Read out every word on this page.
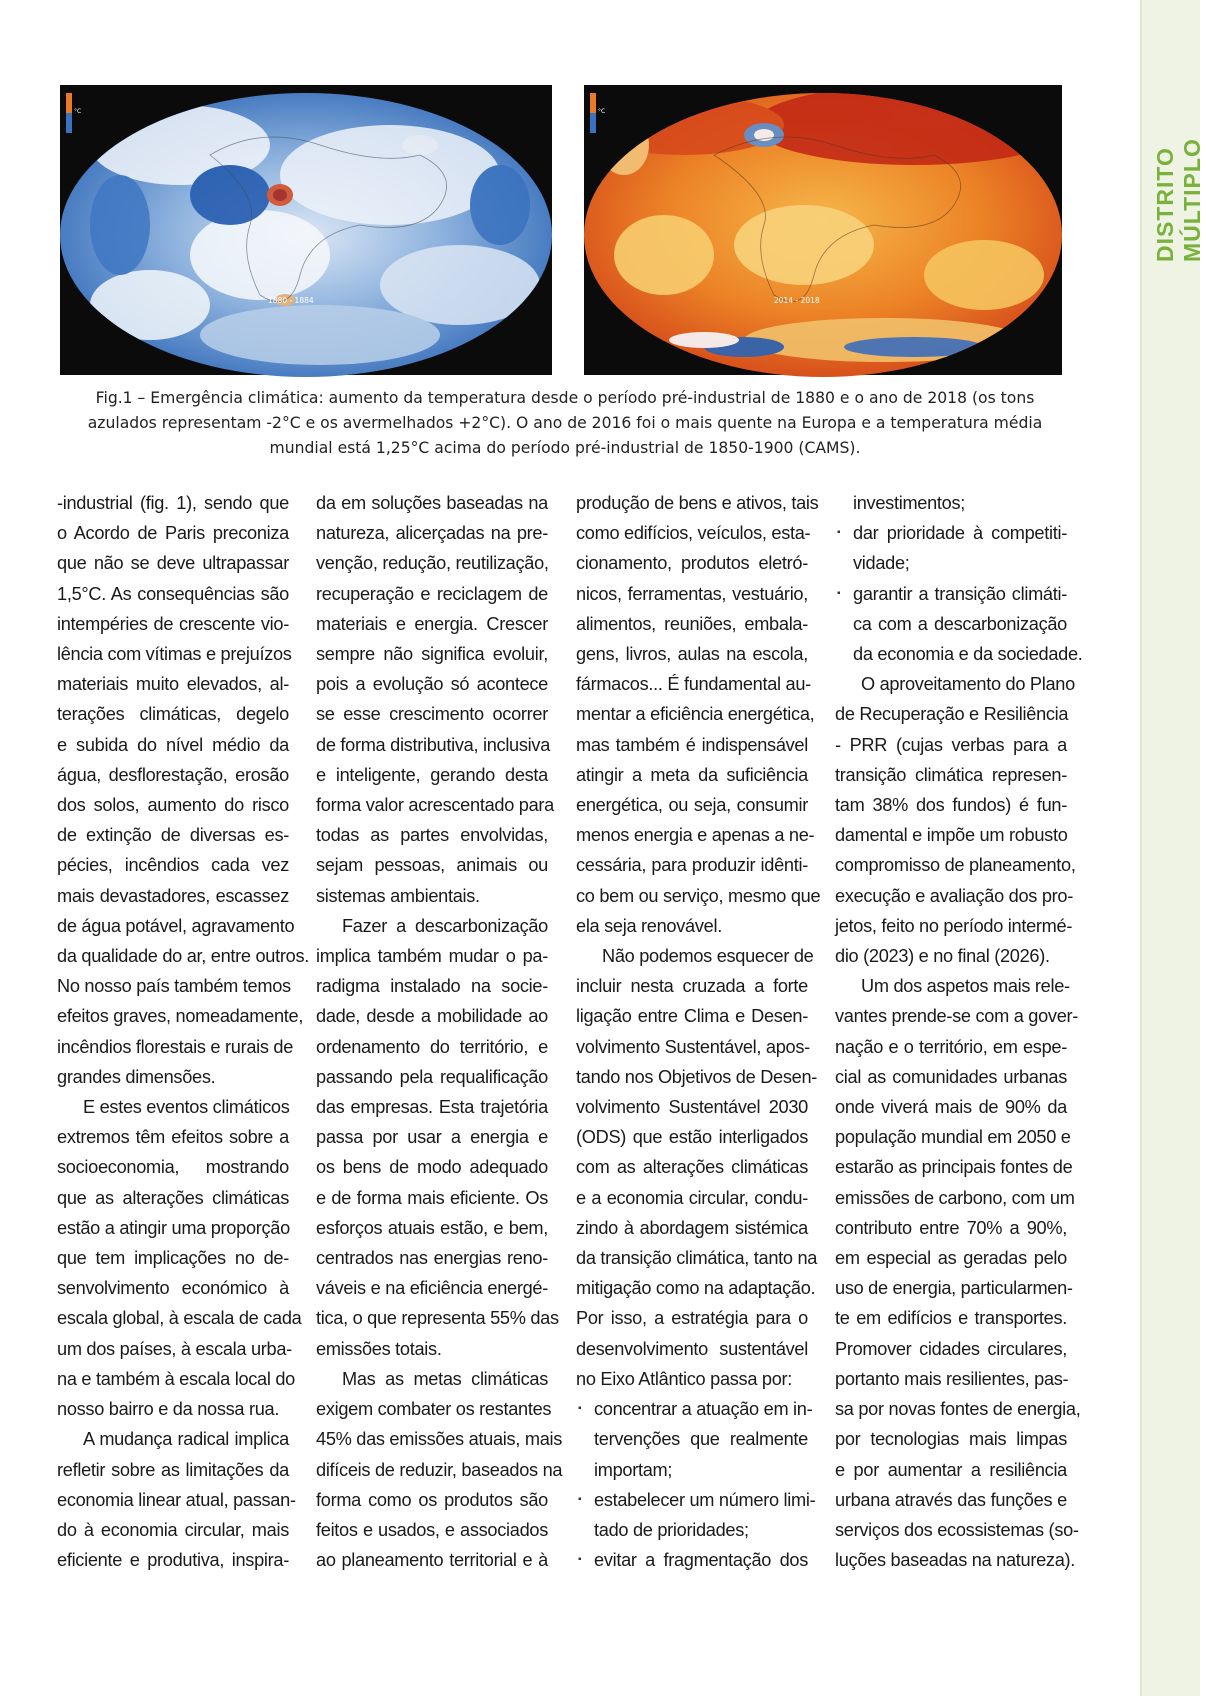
DISTRITO MÚLTIPLO
°C
1880 - 1884
°C
2014 - 2018

Fig.1 – Emergência climática: aumento da temperatura desde o período pré-industrial de 1880 e o ano de 2018 (os tons

azulados representam -2°C e os avermelhados +2°C). O ano de 2016 foi o mais quente na Europa e a temperatura média

mundial está 1,25°C acima do período pré-industrial de 1850-1900 (CAMS).

-industrial (fig. 1), sendo que
o Acordo de Paris preconiza
que não se deve ultrapassar
1,5°C. As consequências são
intempéries de crescente vio-
lência com vítimas e prejuízos
materiais muito elevados, al-
terações climáticas, degelo
e subida do nível médio da
água, desflorestação, erosão
dos solos, aumento do risco
de extinção de diversas es-
pécies, incêndios cada vez
mais devastadores, escassez
de água potável, agravamento
da qualidade do ar, entre outros.
No nosso país também temos
efeitos graves, nomeadamente,
incêndios florestais e rurais de
grandes dimensões.

E estes eventos climáticos
extremos têm efeitos sobre a
socioeconomia, mostrando
que as alterações climáticas
estão a atingir uma proporção
que tem implicações no de-
senvolvimento económico à
escala global, à escala de cada
um dos países, à escala urba-
na e também à escala local do
nosso bairro e da nossa rua.

A mudança radical implica
refletir sobre as limitações da
economia linear atual, passan-
do à economia circular, mais
eficiente e produtiva, inspira-

da em soluções baseadas na
natureza, alicerçadas na pre-
venção, redução, reutilização,
recuperação e reciclagem de
materiais e energia. Crescer
sempre não significa evoluir,
pois a evolução só acontece
se esse crescimento ocorrer
de forma distributiva, inclusiva
e inteligente, gerando desta
forma valor acrescentado para
todas as partes envolvidas,
sejam pessoas, animais ou
sistemas ambientais.

Fazer a descarbonização
implica também mudar o pa-
radigma instalado na socie-
dade, desde a mobilidade ao
ordenamento do território, e
passando pela requalificação
das empresas. Esta trajetória
passa por usar a energia e
os bens de modo adequado
e de forma mais eficiente. Os
esforços atuais estão, e bem,
centrados nas energias reno-
váveis e na eficiência energé-
tica, o que representa 55% das
emissões totais.

Mas as metas climáticas
exigem combater os restantes
45% das emissões atuais, mais
difíceis de reduzir, baseados na
forma como os produtos são
feitos e usados, e associados
ao planeamento territorial e à

produção de bens e ativos, tais
como edifícios, veículos, esta-
cionamento, produtos eletró-
nicos, ferramentas, vestuário,
alimentos, reuniões, embala-
gens, livros, aulas na escola,
fármacos... É fundamental au-
mentar a eficiência energética,
mas também é indispensável
atingir a meta da suficiência
energética, ou seja, consumir
menos energia e apenas a ne-
cessária, para produzir idênti-
co bem ou serviço, mesmo que
ela seja renovável.

Não podemos esquecer de
incluir nesta cruzada a forte
ligação entre Clima e Desen-
volvimento Sustentável, apos-
tando nos Objetivos de Desen-
volvimento Sustentável 2030
(ODS) que estão interligados
com as alterações climáticas
e a economia circular, condu-
zindo à abordagem sistémica
da transição climática, tanto na
mitigação como na adaptação.
Por isso, a estratégia para o
desenvolvimento sustentável
no Eixo Atlântico passa por:

▪ concentrar a atuação em in-
tervenções que realmente
importam;
▪ estabelecer um número limi-
tado de prioridades;
▪ evitar a fragmentação dos

investimentos;

▪ dar prioridade à competiti-
vidade;
▪ garantir a transição climáti-
ca com a descarbonização
da economia e da sociedade.

O aproveitamento do Plano
de Recuperação e Resiliência
- PRR (cujas verbas para a
transição climática represen-
tam 38% dos fundos) é fun-
damental e impõe um robusto
compromisso de planeamento,
execução e avaliação dos pro-
jetos, feito no período intermé-
dio (2023) e no final (2026).

Um dos aspetos mais rele-
vantes prende-se com a gover-
nação e o território, em espe-
cial as comunidades urbanas
onde viverá mais de 90% da
população mundial em 2050 e
estarão as principais fontes de
emissões de carbono, com um
contributo entre 70% a 90%,
em especial as geradas pelo
uso de energia, particularmen-
te em edifícios e transportes.
Promover cidades circulares,
portanto mais resilientes, pas-
sa por novas fontes de energia,
por tecnologias mais limpas
e por aumentar a resiliência
urbana através das funções e
serviços dos ecossistemas (so-
luções baseadas na natureza).
